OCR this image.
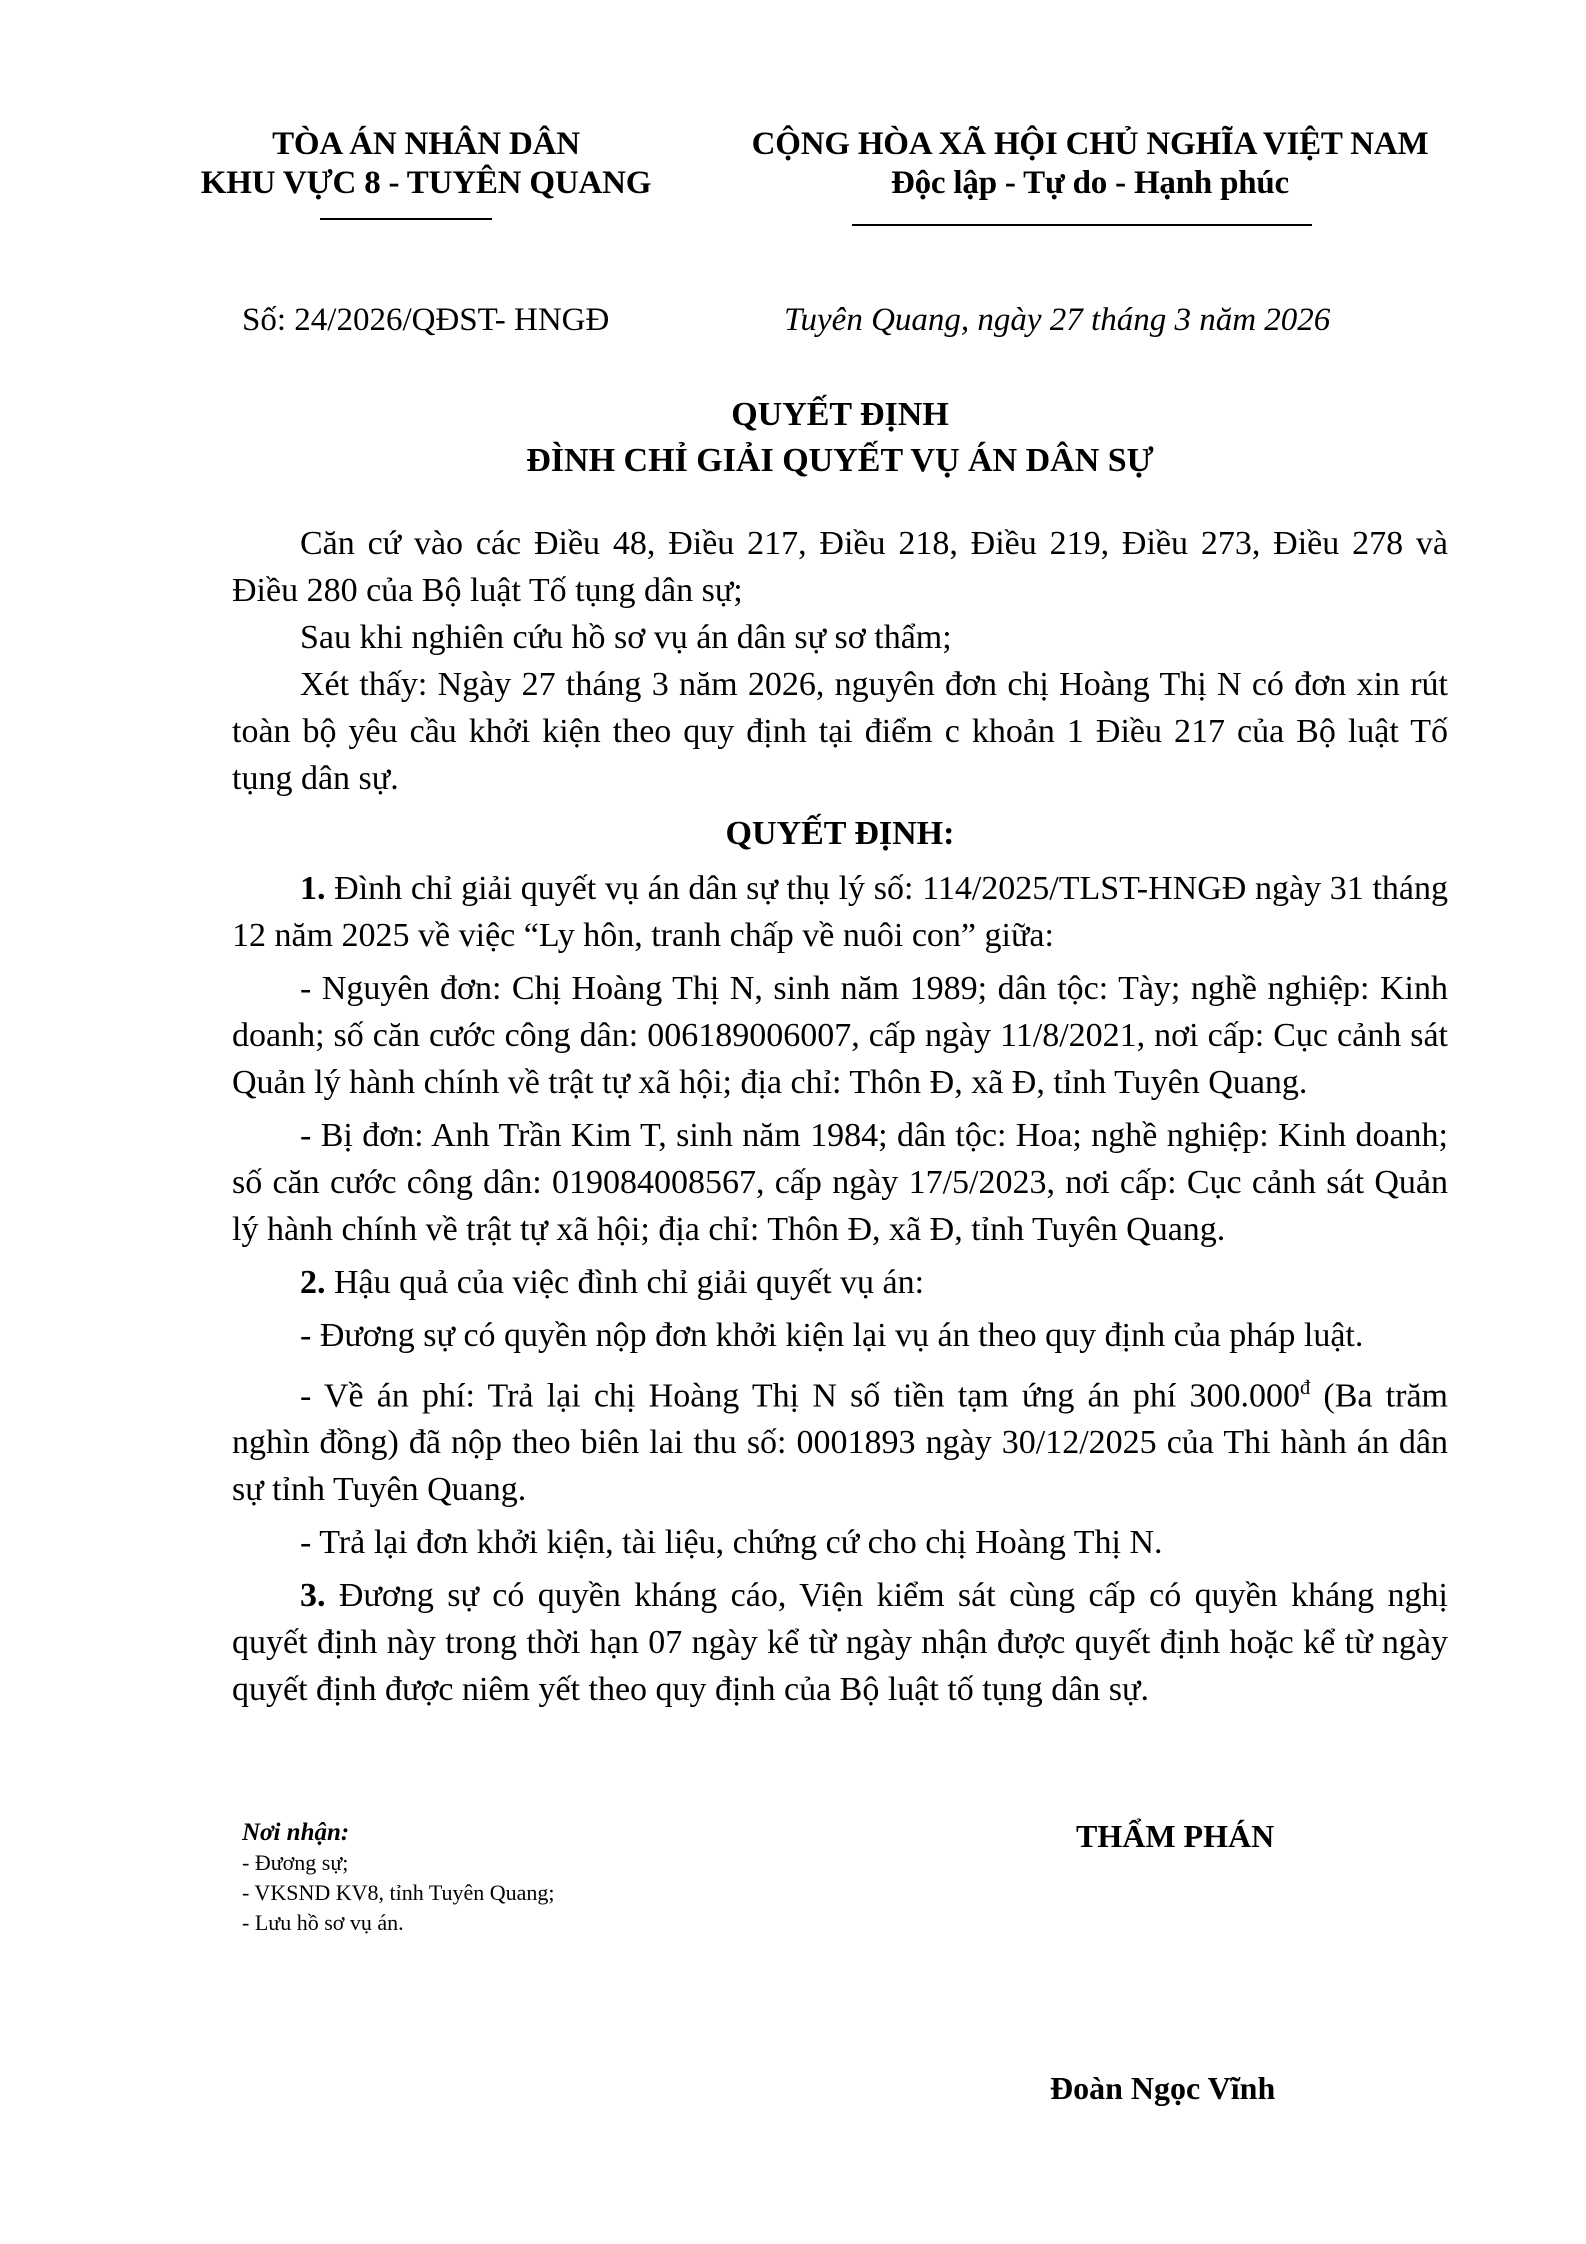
TÒA ÁN NHÂN DÂN
KHU VỰC 8 - TUYÊN QUANG
CỘNG HÒA XÃ HỘI CHỦ NGHĨA VIỆT NAM
Độc lập - Tự do - Hạnh phúc
Số: 24/2026/QĐST- HNGĐ	Tuyên Quang, ngày 27 tháng 3 năm 2026
QUYẾT ĐỊNH
ĐÌNH CHỈ GIẢI QUYẾT VỤ ÁN DÂN SỰ

Căn cứ vào các Điều 48, Điều 217, Điều 218, Điều 219, Điều 273, Điều 278 và Điều 280 của Bộ luật Tố tụng dân sự;

Sau khi nghiên cứu hồ sơ vụ án dân sự sơ thẩm;

Xét thấy: Ngày 27 tháng 3 năm 2026, nguyên đơn chị Hoàng Thị N có đơn xin rút toàn bộ yêu cầu khởi kiện theo quy định tại điểm c khoản 1 Điều 217 của Bộ luật Tố tụng dân sự.

QUYẾT ĐỊNH:

1. Đình chỉ giải quyết vụ án dân sự thụ lý số: 114/2025/TLST-HNGĐ ngày 31 tháng 12 năm 2025 về việc “Ly hôn, tranh chấp về nuôi con” giữa:

- Nguyên đơn: Chị Hoàng Thị N, sinh năm 1989; dân tộc: Tày; nghề nghiệp: Kinh doanh; số căn cước công dân: 006189006007, cấp ngày 11/8/2021, nơi cấp: Cục cảnh sát Quản lý hành chính về trật tự xã hội; địa chỉ: Thôn Đ, xã Đ, tỉnh Tuyên Quang.

- Bị đơn: Anh Trần Kim T, sinh năm 1984; dân tộc: Hoa; nghề nghiệp: Kinh doanh; số căn cước công dân: 019084008567, cấp ngày 17/5/2023, nơi cấp: Cục cảnh sát Quản lý hành chính về trật tự xã hội; địa chỉ: Thôn Đ, xã Đ, tỉnh Tuyên Quang.

2. Hậu quả của việc đình chỉ giải quyết vụ án:

- Đương sự có quyền nộp đơn khởi kiện lại vụ án theo quy định của pháp luật.

- Về án phí: Trả lại chị Hoàng Thị N số tiền tạm ứng án phí $300.000^đ$ (Ba trăm nghìn đồng) đã nộp theo biên lai thu số: 0001893 ngày 30/12/2025 của Thi hành án dân sự tỉnh Tuyên Quang.

- Trả lại đơn khởi kiện, tài liệu, chứng cứ cho chị Hoàng Thị N.

3. Đương sự có quyền kháng cáo, Viện kiểm sát cùng cấp có quyền kháng nghị quyết định này trong thời hạn 07 ngày kể từ ngày nhận được quyết định hoặc kể từ ngày quyết định được niêm yết theo quy định của Bộ luật tố tụng dân sự.

Nơi nhận:
- Đương sự;
- VKSND KV8, tỉnh Tuyên Quang;
- Lưu hồ sơ vụ án.
THẨM PHÁN
Đoàn Ngọc Vĩnh
